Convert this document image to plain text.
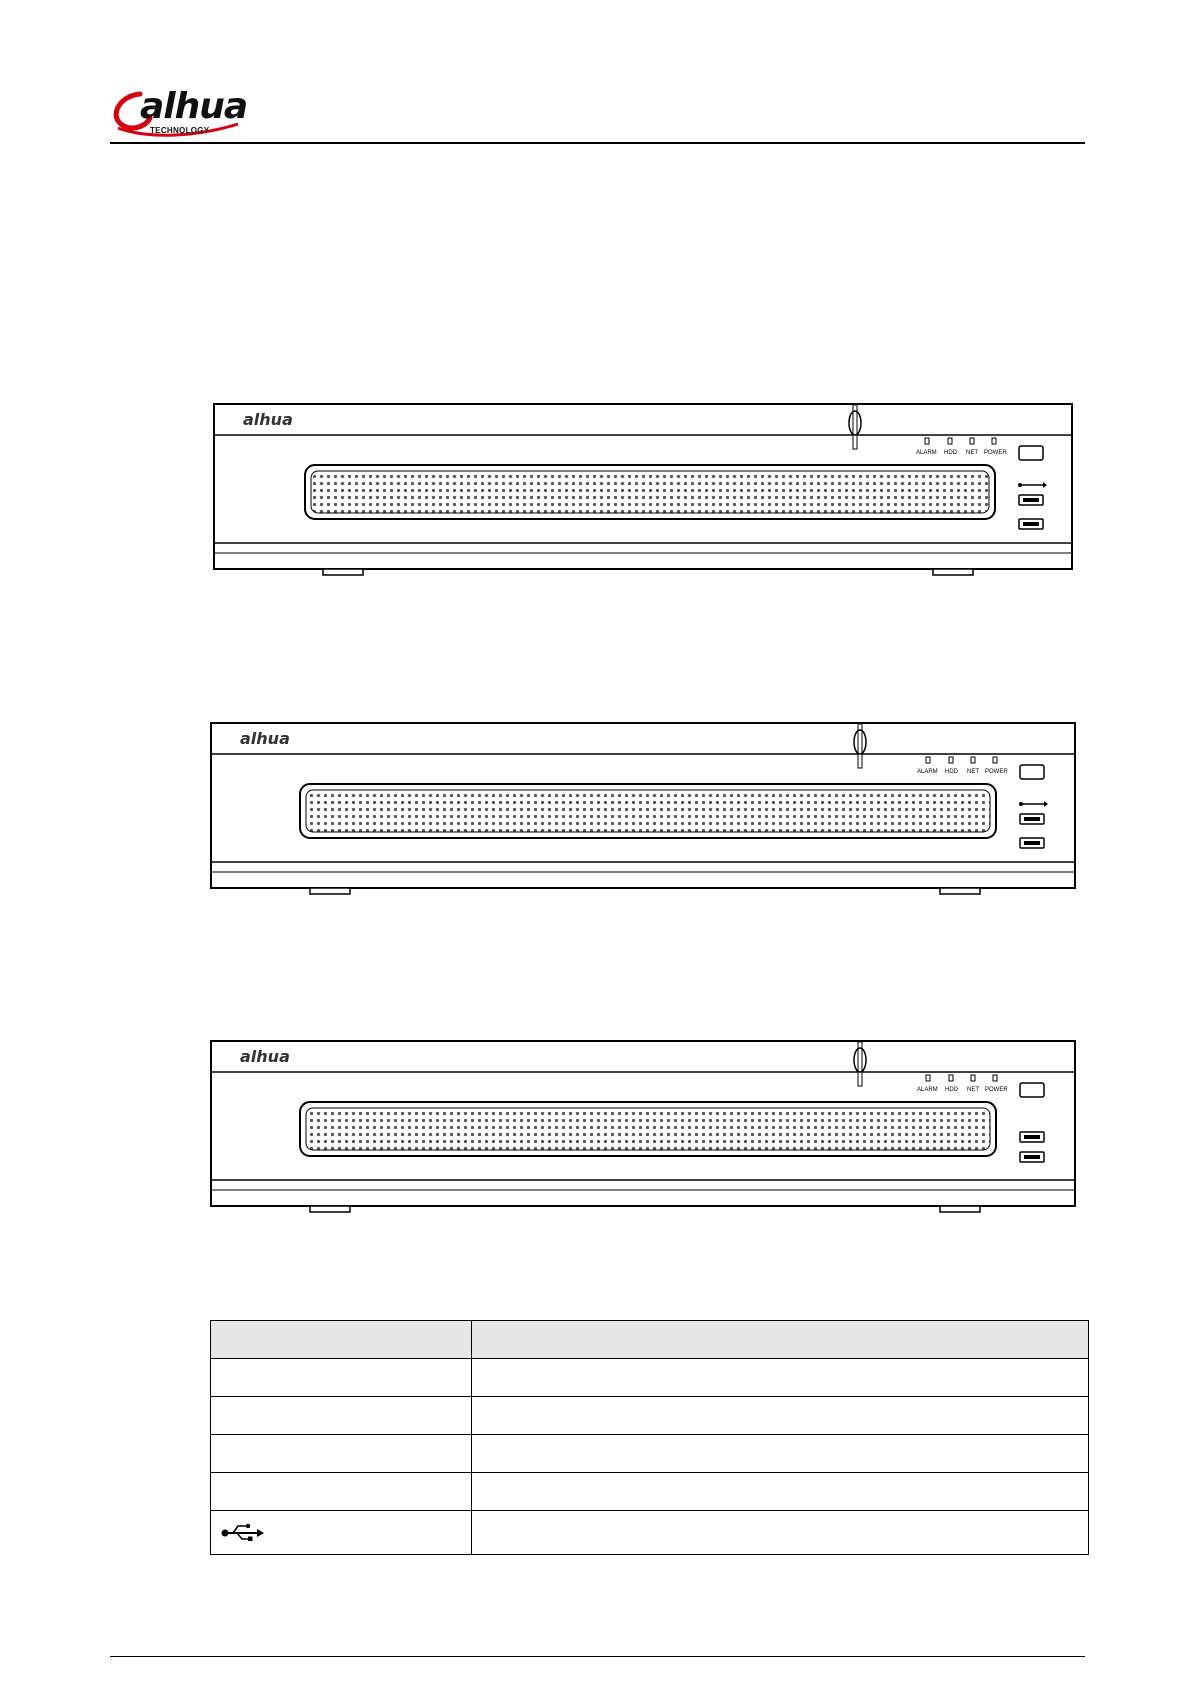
alhua
TECHNOLOGY
alhua
ALARM HDD NET POWER
alhua
ALARM HDD NET POWER
alhua
ALARM HDD NET POWER
